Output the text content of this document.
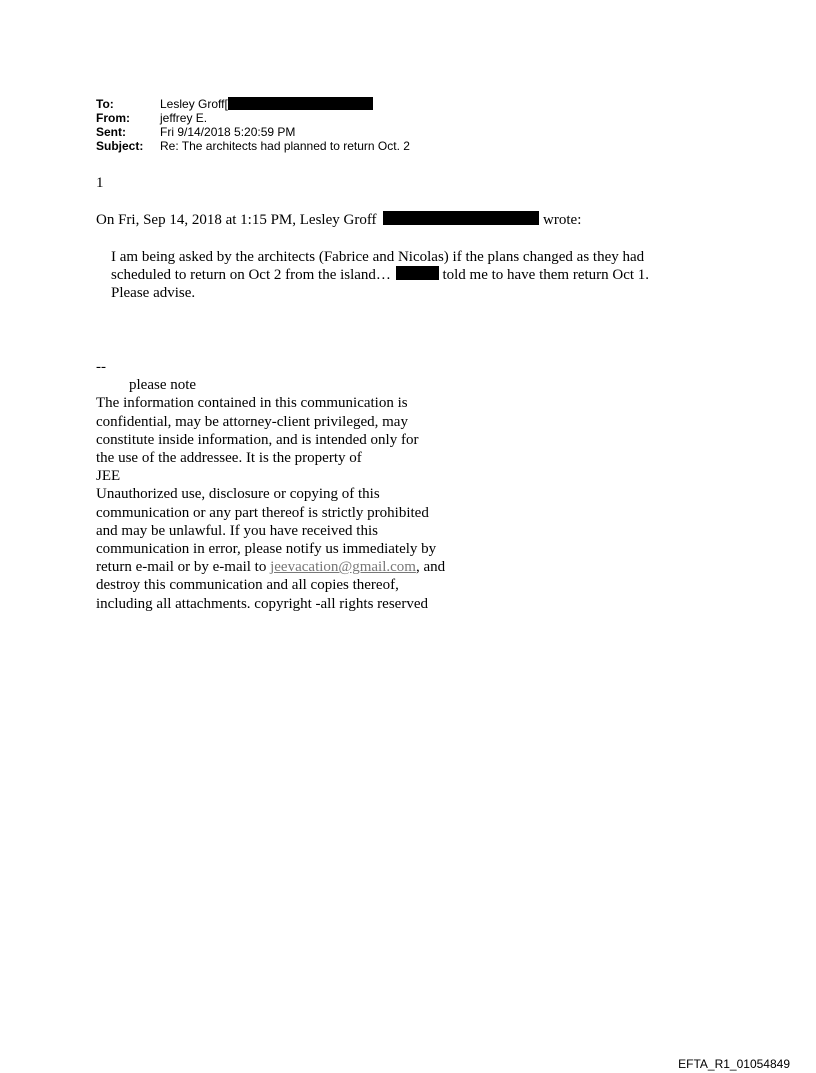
To:	Lesley Groff[
From:	jeffrey E.
Sent:	Fri 9/14/2018 5:20:59 PM
Subject:	Re: The architects had planned to return Oct. 2
1
On Fri, Sep 14, 2018 at 1:15 PM, Lesley Groff	wrote:
I am being asked by the architects (Fabrice and Nicolas) if the plans changed as they had
scheduled to return on Oct 2 from the island…	told me to have them return Oct 1.
Please advise.
--
please note
The information contained in this communication is
confidential, may be attorney-client privileged, may
constitute inside information, and is intended only for
the use of the addressee. It is the property of
JEE
Unauthorized use, disclosure or copying of this
communication or any part thereof is strictly prohibited
and may be unlawful. If you have received this
communication in error, please notify us immediately by
return e-mail or by e-mail to jeevacation@gmail.com, and
destroy this communication and all copies thereof,
including all attachments. copyright -all rights reserved
EFTA_R1_01054849
